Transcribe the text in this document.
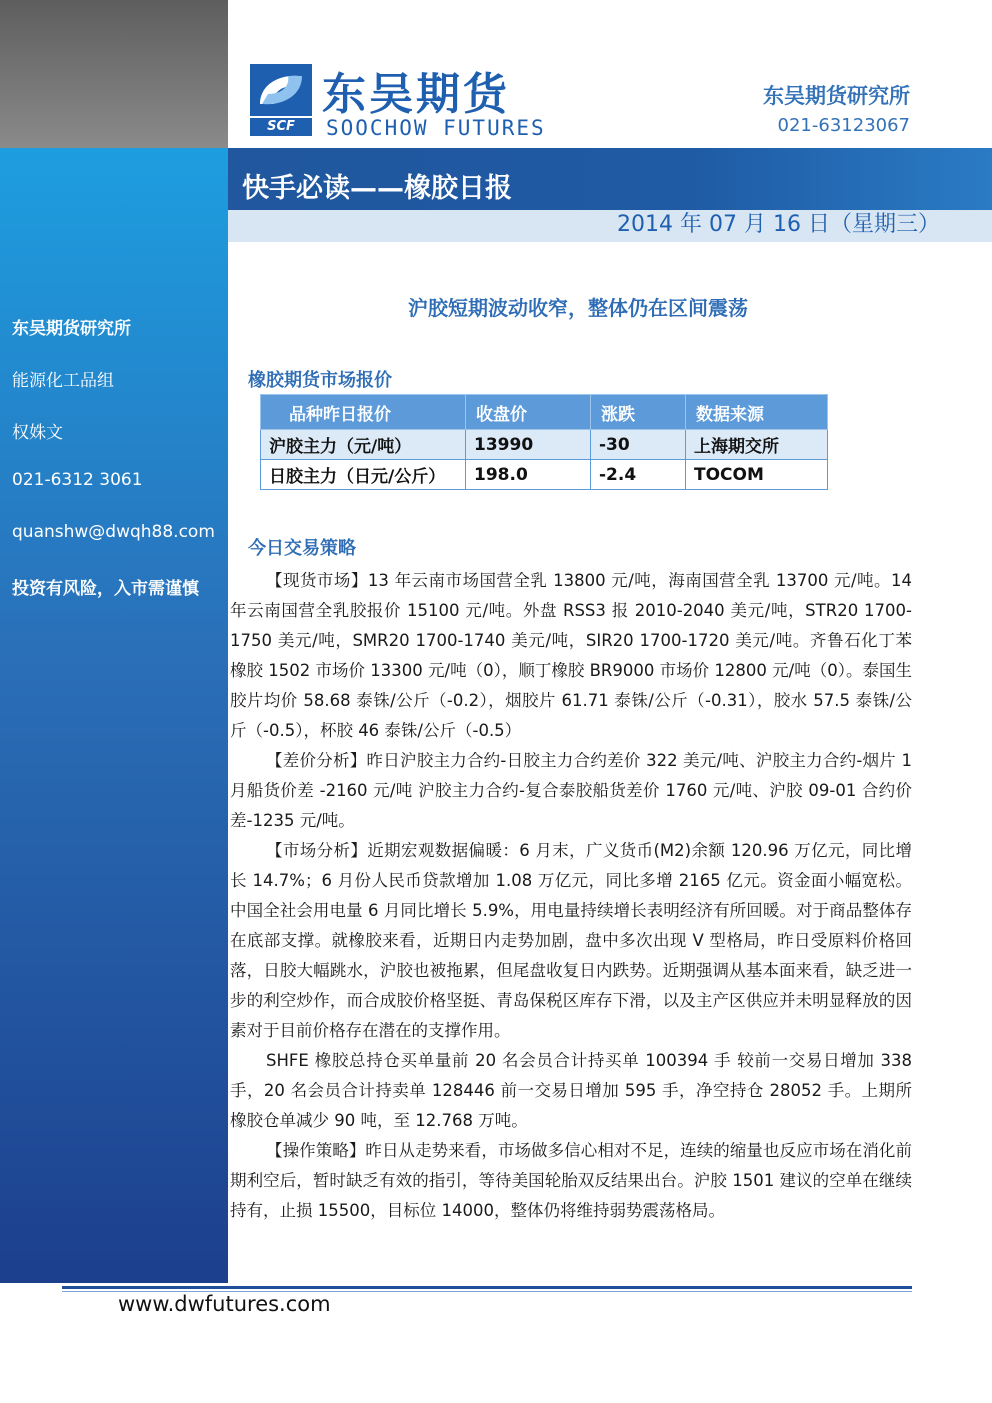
东吴期货研究所
能源化工品组
权姝文
021-6312 3061
quanshw@dwqh88.com
投资有风险，入市需谨慎
SCF
东吴期货
SOOCHOW FUTURES
东吴期货研究所
021-63123067
快手必读——橡胶日报
2014 年 07 月 16 日（星期三）
沪胶短期波动收窄，整体仍在区间震荡
橡胶期货市场报价
品种昨日报价	收盘价	涨跌	数据来源
沪胶主力（元/吨）	13990	-30	上海期交所
日胶主力（日元/公斤）	198.0	-2.4	TOCOM
今日交易策略

【现货市场】13 年云南市场国营全乳 13800 元/吨，海南国营全乳 13700 元/吨。14 年云南国营全乳胶报价 15100 元/吨。外盘 RSS3 报 2010-2040 美元/吨，STR20 1700-1750 美元/吨，SMR20 1700-1740 美元/吨，SIR20 1700-1720 美元/吨。齐鲁石化丁苯橡胶 1502 市场价 13300 元/吨（0），顺丁橡胶 BR9000 市场价 12800 元/吨（0）。泰国生胶片均价 58.68 泰铢/公斤（-0.2），烟胶片 61.71 泰铢/公斤（-0.31），胶水 57.5 泰铢/公斤（-0.5），杯胶 46 泰铢/公斤（-0.5）

【差价分析】昨日沪胶主力合约-日胶主力合约差价 322 美元/吨、沪胶主力合约-烟片 1 月船货价差 -2160 元/吨 沪胶主力合约-复合泰胶船货差价 1760 元/吨、沪胶 09-01 合约价差-1235 元/吨。

【市场分析】近期宏观数据偏暖：6 月末，广义货币(M2)余额 120.96 万亿元，同比增长 14.7%；6 月份人民币贷款增加 1.08 万亿元，同比多增 2165 亿元。资金面小幅宽松。中国全社会用电量 6 月同比增长 5.9%，用电量持续增长表明经济有所回暖。对于商品整体存在底部支撑。就橡胶来看，近期日内走势加剧，盘中多次出现 V 型格局，昨日受原料价格回落，日胶大幅跳水，沪胶也被拖累，但尾盘收复日内跌势。近期强调从基本面来看，缺乏进一步的利空炒作，而合成胶价格坚挺、青岛保税区库存下滑，以及主产区供应并未明显释放的因素对于目前价格存在潜在的支撑作用。

SHFE 橡胶总持仓买单量前 20 名会员合计持买单 100394 手 较前一交易日增加 338 手，20 名会员合计持卖单 128446 前一交易日增加 595 手，净空持仓 28052 手。上期所橡胶仓单减少 90 吨，至 12.768 万吨。

【操作策略】昨日从走势来看，市场做多信心相对不足，连续的缩量也反应市场在消化前期利空后，暂时缺乏有效的指引，等待美国轮胎双反结果出台。沪胶 1501 建议的空单在继续持有，止损 15500，目标位 14000，整体仍将维持弱势震荡格局。

www.dwfutures.com
